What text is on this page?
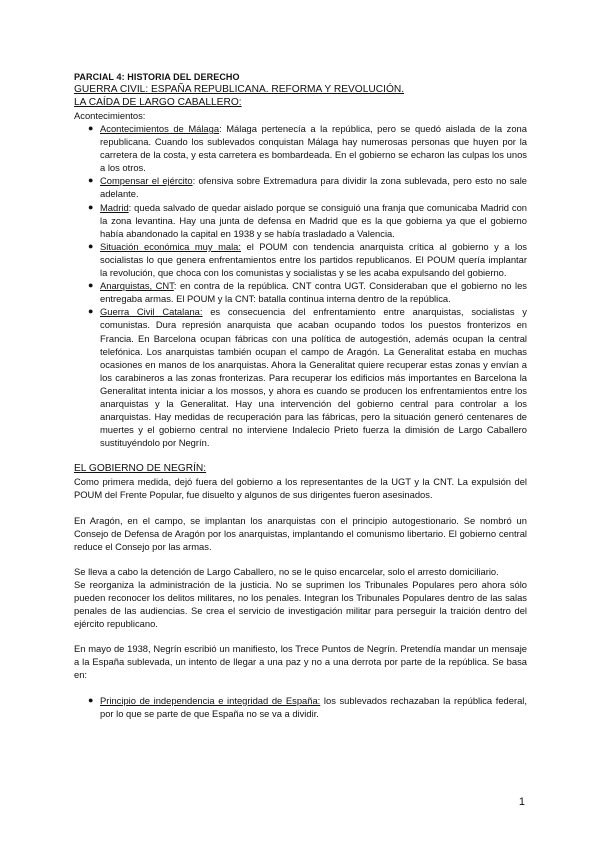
PARCIAL 4: HISTORIA DEL DERECHO
GUERRA CIVIL: ESPAÑA REPUBLICANA. REFORMA Y REVOLUCIÓN.
LA CAÍDA DE LARGO CABALLERO:
Acontecimientos:
● Acontecimientos de Málaga: Málaga pertenecía a la república, pero se quedó aislada de la zona republicana. Cuando los sublevados conquistan Málaga hay numerosas personas que huyen por la carretera de la costa, y esta carretera es bombardeada. En el gobierno se echaron las culpas los unos a los otros.
● Compensar el ejército: ofensiva sobre Extremadura para dividir la zona sublevada, pero esto no sale adelante.
● Madrid: queda salvado de quedar aislado porque se consiguió una franja que comunicaba Madrid con la zona levantina. Hay una junta de defensa en Madrid que es la que gobierna ya que el gobierno había abandonado la capital en 1938 y se había trasladado a Valencia.
● Situación económica muy mala: el POUM con tendencia anarquista crítica al gobierno y a los socialistas lo que genera enfrentamientos entre los partidos republicanos. El POUM quería implantar la revolución, que choca con los comunistas y socialistas y se les acaba expulsando del gobierno.
● Anarquistas, CNT: en contra de la república. CNT contra UGT. Consideraban que el gobierno no les entregaba armas. El POUM y la CNT: batalla continua interna dentro de la república.
● Guerra Civil Catalana: es consecuencia del enfrentamiento entre anarquistas, socialistas y comunistas. Dura represión anarquista que acaban ocupando todos los puestos fronterizos en Francia. En Barcelona ocupan fábricas con una política de autogestión, además ocupan la central telefónica. Los anarquistas también ocupan el campo de Aragón. La Generalitat estaba en muchas ocasiones en manos de los anarquistas. Ahora la Generalitat quiere recuperar estas zonas y envían a los carabineros a las zonas fronterizas. Para recuperar los edificios más importantes en Barcelona la Generalitat intenta iniciar a los mossos, y ahora es cuando se producen los enfrentamientos entre los anarquistas y la Generalitat. Hay una intervención del gobierno central para controlar a los anarquistas. Hay medidas de recuperación para las fábricas, pero la situación generó centenares de muertes y el gobierno central no interviene Indalecio Prieto fuerza la dimisión de Largo Caballero sustituyéndolo por Negrín.
EL GOBIERNO DE NEGRÍN:

Como primera medida, dejó fuera del gobierno a los representantes de la UGT y la CNT. La expulsión del POUM del Frente Popular, fue disuelto y algunos de sus dirigentes fueron asesinados.

En Aragón, en el campo, se implantan los anarquistas con el principio autogestionario. Se nombró un Consejo de Defensa de Aragón por los anarquistas, implantando el comunismo libertario. El gobierno central reduce el Consejo por las armas.

Se lleva a cabo la detención de Largo Caballero, no se le quiso encarcelar, solo el arresto domiciliario.

Se reorganiza la administración de la justicia. No se suprimen los Tribunales Populares pero ahora sólo pueden reconocer los delitos militares, no los penales. Integran los Tribunales Populares dentro de las salas penales de las audiencias. Se crea el servicio de investigación militar para perseguir la traición dentro del ejército republicano.

En mayo de 1938, Negrín escribió un manifiesto, los Trece Puntos de Negrín. Pretendía mandar un mensaje a la España sublevada, un intento de llegar a una paz y no a una derrota por parte de la república. Se basa en:

● Principio de independencia e integridad de España: los sublevados rechazaban la república federal, por lo que se parte de que España no se va a dividir.
1
